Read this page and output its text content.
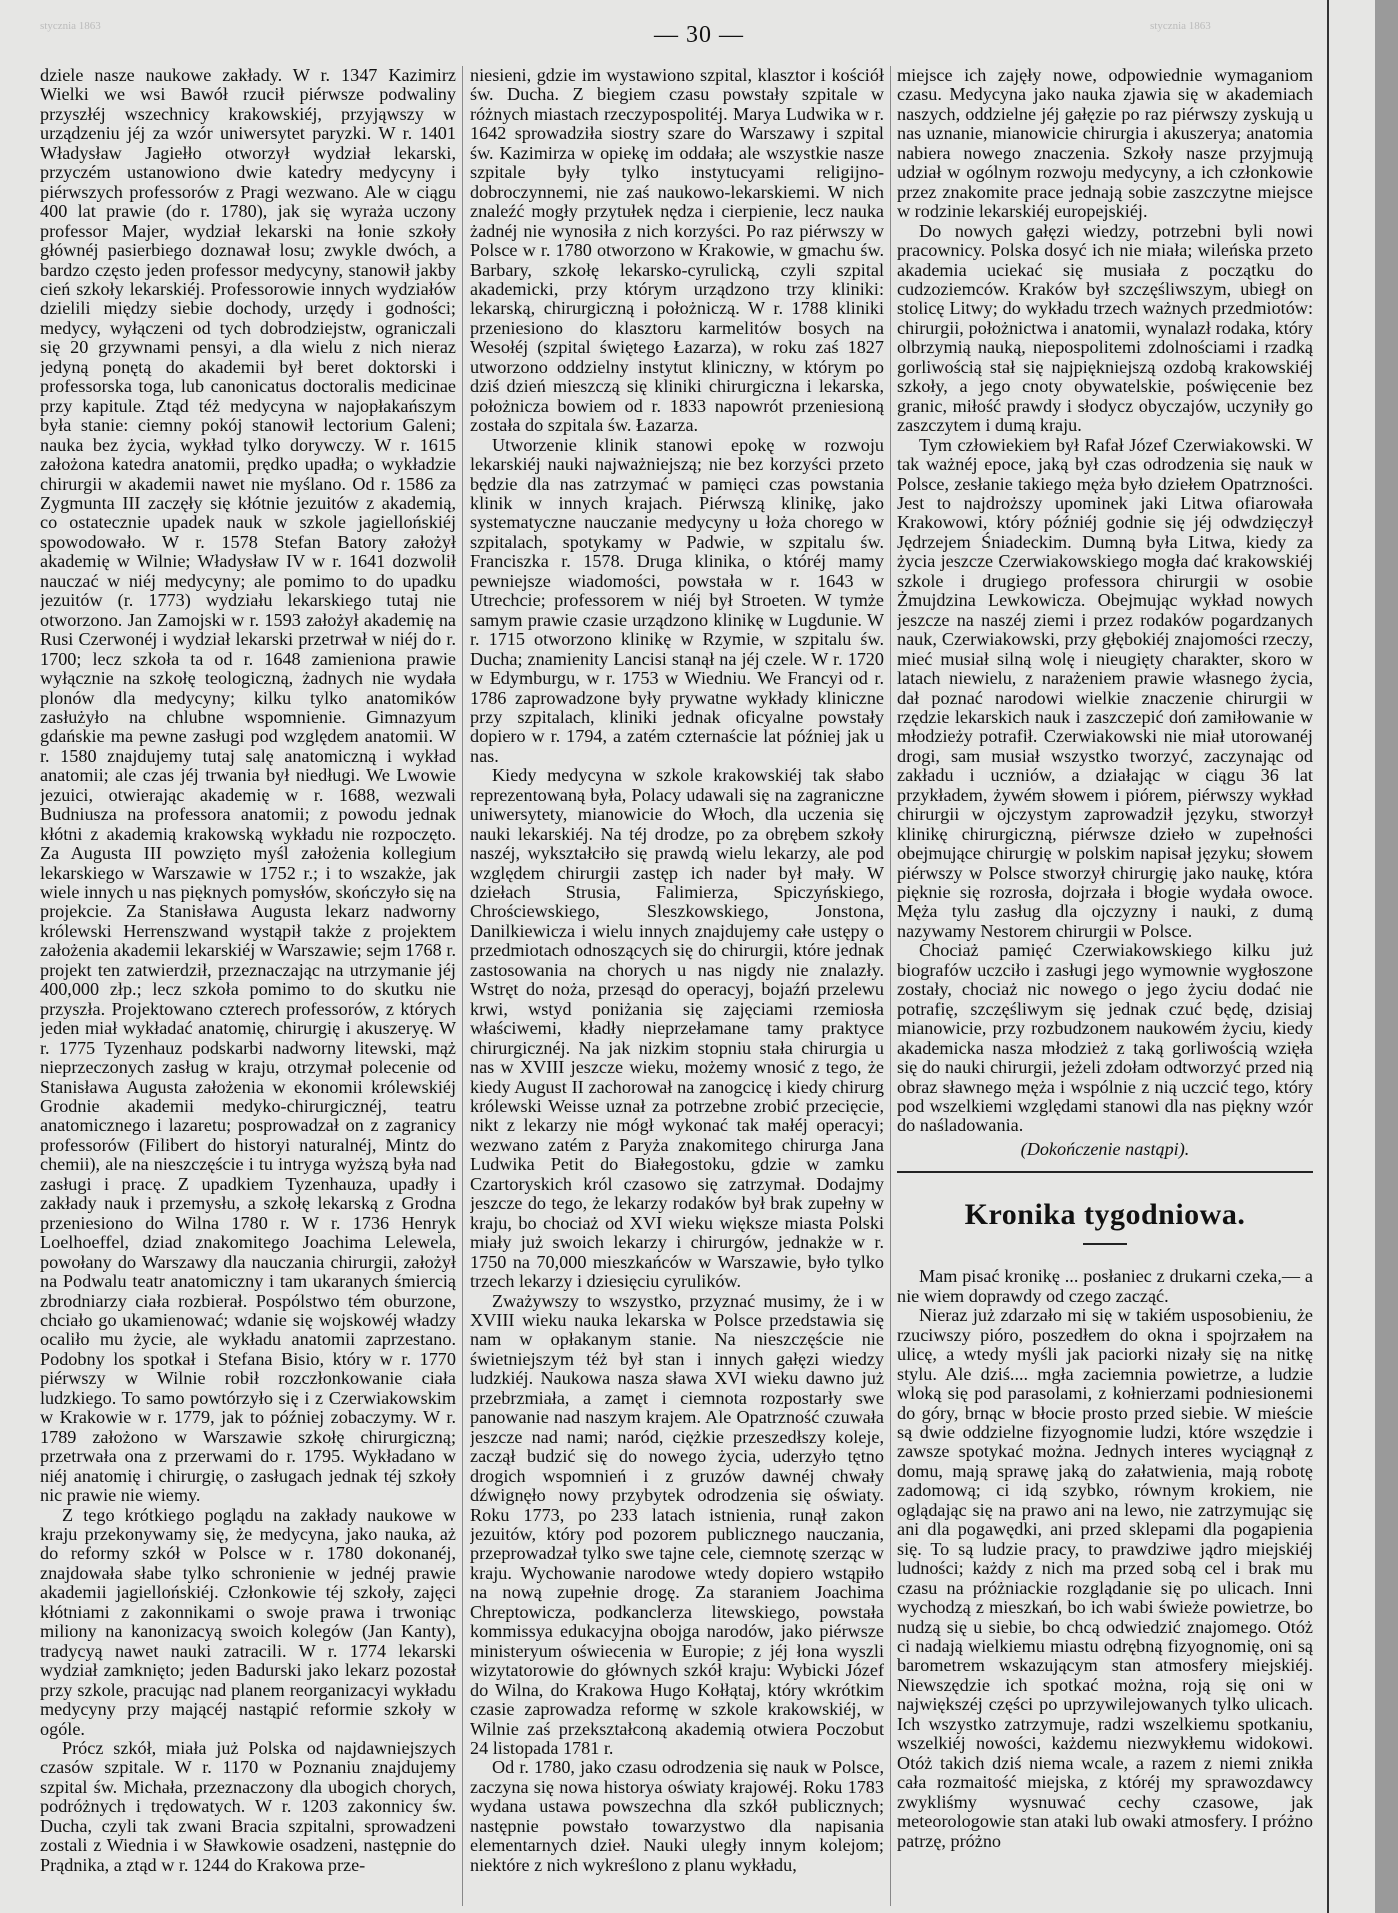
stycznia 1863	stycznia 1863
— 30 —

dziele nasze naukowe zakłady. W r. 1347 Kazimirz Wielki we wsi Bawół rzucił piérwsze podwaliny przyszłéj wszechnicy krakowskiéj, przyjąwszy w urządzeniu jéj za wzór uniwersytet paryzki. W r. 1401 Władysław Jagiełło otworzył wydział lekarski, przyczém ustanowiono dwie katedry medycyny i piérwszych professorów z Pragi wezwano. Ale w ciągu 400 lat prawie (do r. 1780), jak się wyraża uczony professor Majer, wydział lekarski na łonie szkoły głównéj pasierbiego doznawał losu; zwykle dwóch, a bardzo często jeden professor medycyny, stanowił jakby cień szkoły lekarskiéj. Professorowie innych wydziałów dzielili między siebie dochody, urzędy i godności; medycy, wyłączeni od tych dobrodziejstw, ograniczali się 20 grzywnami pensyi, a dla wielu z nich nieraz jedyną ponętą do akademii był beret doktorski i professorska toga, lub canonicatus doctoralis medicinae przy kapitule. Ztąd téż medycyna w najopłakańszym była stanie: ciemny pokój stanowił lectorium Galeni; nauka bez życia, wykład tylko dorywczy. W r. 1615 założona katedra anatomii, prędko upadła; o wykładzie chirurgii w akademii nawet nie myślano. Od r. 1586 za Zygmunta III zaczęły się kłótnie jezuitów z akademią, co ostatecznie upadek nauk w szkole jagiellońskiéj spowodowało. W r. 1578 Stefan Batory założył akademię w Wilnie; Władysław IV w r. 1641 dozwolił nauczać w niéj medycyny; ale pomimo to do upadku jezuitów (r. 1773) wydziału lekarskiego tutaj nie otworzono. Jan Zamojski w r. 1593 założył akademię na Rusi Czerwonéj i wydział lekarski przetrwał w niéj do r. 1700; lecz szkoła ta od r. 1648 zamieniona prawie wyłącznie na szkołę teologiczną, żadnych nie wydała plonów dla medycyny; kilku tylko anatomików zasłużyło na chlubne wspomnienie. Gimnazyum gdańskie ma pewne zasługi pod względem anatomii. W r. 1580 znajdujemy tutaj salę anatomiczną i wykład anatomii; ale czas jéj trwania był niedługi. We Lwowie jezuici, otwierając akademię w r. 1688, wezwali Budniusza na professora anatomii; z powodu jednak kłótni z akademią krakowską wykładu nie rozpoczęto. Za Augusta III powzięto myśl założenia kollegium lekarskiego w Warszawie w 1752 r.; i to wszakże, jak wiele innych u nas pięknych pomysłów, skończyło się na projekcie. Za Stanisława Augusta lekarz nadworny królewski Herrenszwand wystąpił także z projektem założenia akademii lekarskiéj w Warszawie; sejm 1768 r. projekt ten zatwierdził, przeznaczając na utrzymanie jéj 400,000 złp.; lecz szkoła pomimo to do skutku nie przyszła. Projektowano czterech professorów, z których jeden miał wykładać anatomię, chirurgię i akuszeryę. W r. 1775 Tyzenhauz podskarbi nadworny litewski, mąż nieprzeczonych zasług w kraju, otrzymał polecenie od Stanisława Augusta założenia w ekonomii królewskiéj Grodnie akademii medyko-chirurgicznéj, teatru anatomicznego i lazaretu; posprowadzał on z zagranicy professorów (Filibert do historyi naturalnéj, Mintz do chemii), ale na nieszczęście i tu intryga wyższą była nad zasługi i pracę. Z upadkiem Tyzenhauza, upadły i zakłady nauk i przemysłu, a szkołę lekarską z Grodna przeniesiono do Wilna 1780 r. W r. 1736 Henryk Loelhoeffel, dziad znakomitego Joachima Lelewela, powołany do Warszawy dla nauczania chirurgii, założył na Podwalu teatr anatomiczny i tam ukaranych śmiercią zbrodniarzy ciała rozbierał. Pospólstwo tém oburzone, chciało go ukamienować; wdanie się wojskowéj władzy ocaliło mu życie, ale wykładu anatomii zaprzestano. Podobny los spotkał i Stefana Bisio, który w r. 1770 piérwszy w Wilnie robił rozczłonkowanie ciała ludzkiego. To samo powtórzyło się i z Czerwiakowskim w Krakowie w r. 1779, jak to później zobaczymy. W r. 1789 założono w Warszawie szkołę chirurgiczną; przetrwała ona z przerwami do r. 1795. Wykładano w niéj anatomię i chirurgię, o zasługach jednak téj szkoły nic prawie nie wiemy.

Z tego krótkiego poglądu na zakłady naukowe w kraju przekonywamy się, że medycyna, jako nauka, aż do reformy szkół w Polsce w r. 1780 dokonanéj, znajdowała słabe tylko schronienie w jednéj prawie akademii jagiellońskiéj. Członkowie téj szkoły, zajęci kłótniami z zakonnikami o swoje prawa i trwoniąc miliony na kanonizacyą swoich kolegów (Jan Kanty), tradycyą nawet nauki zatracili. W r. 1774 lekarski wydział zamknięto; jeden Badurski jako lekarz pozostał przy szkole, pracując nad planem reorganizacyi wykładu medycyny przy mającéj nastąpić reformie szkoły w ogóle.

Prócz szkół, miała już Polska od najdawniejszych czasów szpitale. W r. 1170 w Poznaniu znajdujemy szpital św. Michała, przeznaczony dla ubogich chorych, podróżnych i trędowatych. W r. 1203 zakonnicy św. Ducha, czyli tak zwani Bracia szpitalni, sprowadzeni zostali z Wiednia i w Sławkowie osadzeni, następnie do Prądnika, a ztąd w r. 1244 do Krakowa prze-

niesieni, gdzie im wystawiono szpital, klasztor i kościół św. Ducha. Z biegiem czasu powstały szpitale w różnych miastach rzeczypospolitéj. Marya Ludwika w r. 1642 sprowadziła siostry szare do Warszawy i szpital św. Kazimirza w opiekę im oddała; ale wszystkie nasze szpitale były tylko instytucyami religijno-dobroczynnemi, nie zaś naukowo-lekarskiemi. W nich znaleźć mogły przytułek nędza i cierpienie, lecz nauka żadnéj nie wynosiła z nich korzyści. Po raz piérwszy w Polsce w r. 1780 otworzono w Krakowie, w gmachu św. Barbary, szkołę lekarsko-cyrulicką, czyli szpital akademicki, przy którym urządzono trzy kliniki: lekarską, chirurgiczną i położniczą. W r. 1788 kliniki przeniesiono do klasztoru karmelitów bosych na Wesołéj (szpital świętego Łazarza), w roku zaś 1827 utworzono oddzielny instytut kliniczny, w którym po dziś dzień mieszczą się kliniki chirurgiczna i lekarska, położnicza bowiem od r. 1833 napowrót przeniesioną została do szpitala św. Łazarza.

Utworzenie klinik stanowi epokę w rozwoju lekarskiéj nauki najważniejszą; nie bez korzyści przeto będzie dla nas zatrzymać w pamięci czas powstania klinik w innych krajach. Piérwszą klinikę, jako systematyczne nauczanie medycyny u łoża chorego w szpitalach, spotykamy w Padwie, w szpitalu św. Franciszka r. 1578. Druga klinika, o któréj mamy pewniejsze wiadomości, powstała w r. 1643 w Utrechcie; professorem w niéj był Stroeten. W tymże samym prawie czasie urządzono klinikę w Lugdunie. W r. 1715 otworzono klinikę w Rzymie, w szpitalu św. Ducha; znamienity Lancisi stanął na jéj czele. W r. 1720 w Edymburgu, w r. 1753 w Wiedniu. We Francyi od r. 1786 zaprowadzone były prywatne wykłady kliniczne przy szpitalach, kliniki jednak oficyalne powstały dopiero w r. 1794, a zatém czternaście lat później jak u nas.

Kiedy medycyna w szkole krakowskiéj tak słabo reprezentowaną była, Polacy udawali się na zagraniczne uniwersytety, mianowicie do Włoch, dla uczenia się nauki lekarskiéj. Na téj drodze, po za obrębem szkoły naszéj, wykształciło się prawdą wielu lekarzy, ale pod względem chirurgii zastęp ich nader był mały. W dziełach Strusia, Falimierza, Spiczyńskiego, Chrościewskiego, Sleszkowskiego, Jonstona, Danilkiewicza i wielu innych znajdujemy całe ustępy o przedmiotach odnoszących się do chirurgii, które jednak zastosowania na chorych u nas nigdy nie znalazły. Wstręt do noża, przesąd do operacyj, bojaźń przelewu krwi, wstyd poniżania się zajęciami rzemiosła właściwemi, kładły nieprzełamane tamy praktyce chirurgicznéj. Na jak nizkim stopniu stała chirurgia u nas w XVIII jeszcze wieku, możemy wnosić z tego, że kiedy August II zachorował na zanogcicę i kiedy chirurg królewski Weisse uznał za potrzebne zrobić przecięcie, nikt z lekarzy nie mógł wykonać tak małéj operacyi; wezwano zatém z Paryża znakomitego chirurga Jana Ludwika Petit do Białegostoku, gdzie w zamku Czartoryskich król czasowo się zatrzymał. Dodajmy jeszcze do tego, że lekarzy rodaków był brak zupełny w kraju, bo chociaż od XVI wieku większe miasta Polski miały już swoich lekarzy i chirurgów, jednakże w r. 1750 na 70,000 mieszkańców w Warszawie, było tylko trzech lekarzy i dziesięciu cyrulików.

Zważywszy to wszystko, przyznać musimy, że i w XVIII wieku nauka lekarska w Polsce przedstawia się nam w opłakanym stanie. Na nieszczęście nie świetniejszym téż był stan i innych gałęzi wiedzy ludzkiéj. Naukowa nasza sława XVI wieku dawno już przebrzmiała, a zamęt i ciemnota rozpostarły swe panowanie nad naszym krajem. Ale Opatrzność czuwała jeszcze nad nami; naród, ciężkie przeszedłszy koleje, zaczął budzić się do nowego życia, uderzyło tętno drogich wspomnień i z gruzów dawnéj chwały dźwignęło nowy przybytek odrodzenia się oświaty. Roku 1773, po 233 latach istnienia, runął zakon jezuitów, który pod pozorem publicznego nauczania, przeprowadzał tylko swe tajne cele, ciemnotę szerząc w kraju. Wychowanie narodowe wtedy dopiero wstąpiło na nową zupełnie drogę. Za staraniem Joachima Chreptowicza, podkanclerza litewskiego, powstała kommissya edukacyjna obojga narodów, jako piérwsze ministeryum oświecenia w Europie; z jéj łona wyszli wizytatorowie do głównych szkół kraju: Wybicki Józef do Wilna, do Krakowa Hugo Kołłątaj, który wkrótkim czasie zaprowadza reformę w szkole krakowskiéj, w Wilnie zaś przekształconą akademią otwiera Poczobut 24 listopada 1781 r.

Od r. 1780, jako czasu odrodzenia się nauk w Polsce, zaczyna się nowa historya oświaty krajowéj. Roku 1783 wydana ustawa powszechna dla szkół publicznych; następnie powstało towarzystwo dla napisania elementarnych dzieł. Nauki uległy innym kolejom; niektóre z nich wykreślono z planu wykładu,

miejsce ich zajęły nowe, odpowiednie wymaganiom czasu. Medycyna jako nauka zjawia się w akademiach naszych, oddzielne jéj gałęzie po raz piérwszy zyskują u nas uznanie, mianowicie chirurgia i akuszerya; anatomia nabiera nowego znaczenia. Szkoły nasze przyjmują udział w ogólnym rozwoju medycyny, a ich członkowie przez znakomite prace jednają sobie zaszczytne miejsce w rodzinie lekarskiéj europejskiéj.

Do nowych gałęzi wiedzy, potrzebni byli nowi pracownicy. Polska dosyć ich nie miała; wileńska przeto akademia uciekać się musiała z początku do cudzoziemców. Kraków był szczęśliwszym, ubiegł on stolicę Litwy; do wykładu trzech ważnych przedmiotów: chirurgii, położnictwa i anatomii, wynalazł rodaka, który olbrzymią nauką, niepospolitemi zdolnościami i rzadką gorliwością stał się najpiękniejszą ozdobą krakowskiéj szkoły, a jego cnoty obywatelskie, poświęcenie bez granic, miłość prawdy i słodycz obyczajów, uczyniły go zaszczytem i dumą kraju.

Tym człowiekiem był Rafał Józef Czerwiakowski. W tak ważnéj epoce, jaką był czas odrodzenia się nauk w Polsce, zesłanie takiego męża było dziełem Opatrzności. Jest to najdroższy upominek jaki Litwa ofiarowała Krakowowi, który późniéj godnie się jéj odwdzięczył Jędrzejem Śniadeckim. Dumną była Litwa, kiedy za życia jeszcze Czerwiakowskiego mogła dać krakowskiéj szkole i drugiego professora chirurgii w osobie Żmujdzina Lewkowicza. Obejmując wykład nowych jeszcze na naszéj ziemi i przez rodaków pogardzanych nauk, Czerwiakowski, przy głębokiéj znajomości rzeczy, mieć musiał silną wolę i nieugięty charakter, skoro w latach niewielu, z narażeniem prawie własnego życia, dał poznać narodowi wielkie znaczenie chirurgii w rzędzie lekarskich nauk i zaszczepić doń zamiłowanie w młodzieży potrafił. Czerwiakowski nie miał utorowanéj drogi, sam musiał wszystko tworzyć, zaczynając od zakładu i uczniów, a działając w ciągu 36 lat przykładem, żywém słowem i piórem, piérwszy wykład chirurgii w ojczystym zaprowadził języku, stworzył klinikę chirurgiczną, piérwsze dzieło w zupełności obejmujące chirurgię w polskim napisał języku; słowem piérwszy w Polsce stworzył chirurgię jako naukę, która pięknie się rozrosła, dojrzała i błogie wydała owoce. Męża tylu zasług dla ojczyzny i nauki, z dumą nazywamy Nestorem chirurgii w Polsce.

Chociaż pamięć Czerwiakowskiego kilku już biografów uczciło i zasługi jego wymownie wygłoszone zostały, chociaż nic nowego o jego życiu dodać nie potrafię, szczęśliwym się jednak czuć będę, dzisiaj mianowicie, przy rozbudzonem naukowém życiu, kiedy akademicka nasza młodzież z taką gorliwością wzięła się do nauki chirurgii, jeżeli zdołam odtworzyć przed nią obraz sławnego męża i wspólnie z nią uczcić tego, który pod wszelkiemi względami stanowi dla nas piękny wzór do naśladowania.

(Dokończenie nastąpi).
Kronika tygodniowa.

Mam pisać kronikę ... posłaniec z drukarni czeka,— a nie wiem doprawdy od czego zacząć.

Nieraz już zdarzało mi się w takiém usposobieniu, że rzuciwszy pióro, poszedłem do okna i spojrzałem na ulicę, a wtedy myśli jak paciorki nizały się na nitkę stylu. Ale dziś.... mgła zaciemnia powietrze, a ludzie wloką się pod parasolami, z kołnierzami podniesionemi do góry, brnąc w błocie prosto przed siebie. W mieście są dwie oddzielne fizyognomie ludzi, które wszędzie i zawsze spotykać można. Jednych interes wyciągnął z domu, mają sprawę jaką do załatwienia, mają robotę zadomową; ci idą szybko, równym krokiem, nie oglądając się na prawo ani na lewo, nie zatrzymując się ani dla pogawędki, ani przed sklepami dla pogapienia się. To są ludzie pracy, to prawdziwe jądro miejskiéj ludności; każdy z nich ma przed sobą cel i brak mu czasu na próżniackie rozglądanie się po ulicach. Inni wychodzą z mieszkań, bo ich wabi świeże powietrze, bo nudzą się u siebie, bo chcą odwiedzić znajomego. Otóż ci nadają wielkiemu miastu odrębną fizyognomię, oni są barometrem wskazującym stan atmosfery miejskiéj. Niewszędzie ich spotkać można, roją się oni w największéj części po uprzywilejowanych tylko ulicach. Ich wszystko zatrzymuje, radzi wszelkiemu spotkaniu, wszelkiéj nowości, każdemu niezwykłemu widokowi. Otóż takich dziś niema wcale, a razem z niemi znikła cała rozmaitość miejska, z któréj my sprawozdawcy zwykliśmy wysnuwać cechy czasowe, jak meteorologowie stan ataki lub owaki atmosfery. I próżno patrzę, próżno
